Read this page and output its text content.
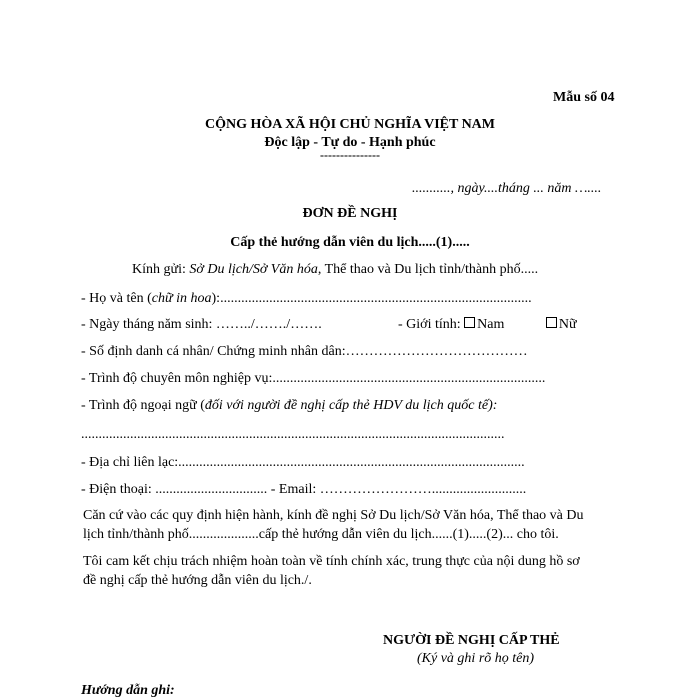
Mẫu số 04
CỘNG HÒA XÃ HỘI CHỦ NGHĨA VIỆT NAM
Độc lập - Tự do - Hạnh phúc
---------------
..........., ngày....tháng ... năm …....
ĐƠN ĐỀ NGHỊ
Cấp thẻ hướng dẫn viên du lịch.....(1).....
Kính gửi: Sở Du lịch/Sở Văn hóa, Thể thao và Du lịch tỉnh/thành phố.....
- Họ và tên (chữ in hoa):.........................................................................................
- Ngày tháng năm sinh: ……../……./…….	- Giới tính: Nam	Nữ
- Số định danh cá nhân/ Chứng minh nhân dân:…………………………………
- Trình độ chuyên môn nghiệp vụ:..............................................................................
- Trình độ ngoại ngữ (đối với người đề nghị cấp thẻ HDV du lịch quốc tế):
.........................................................................................................................
- Địa chỉ liên lạc:...................................................................................................
- Điện thoại: ................................ - Email: ……………………...........................
Căn cứ vào các quy định hiện hành, kính đề nghị Sở Du lịch/Sở Văn hóa, Thể thao và Du
lịch tỉnh/thành phố....................cấp thẻ hướng dẫn viên du lịch......(1).....(2)... cho tôi.
Tôi cam kết chịu trách nhiệm hoàn toàn về tính chính xác, trung thực của nội dung hồ sơ
đề nghị cấp thẻ hướng dẫn viên du lịch./.
NGƯỜI ĐỀ NGHỊ CẤP THẺ
(Ký và ghi rõ họ tên)
Hướng dẫn ghi:
